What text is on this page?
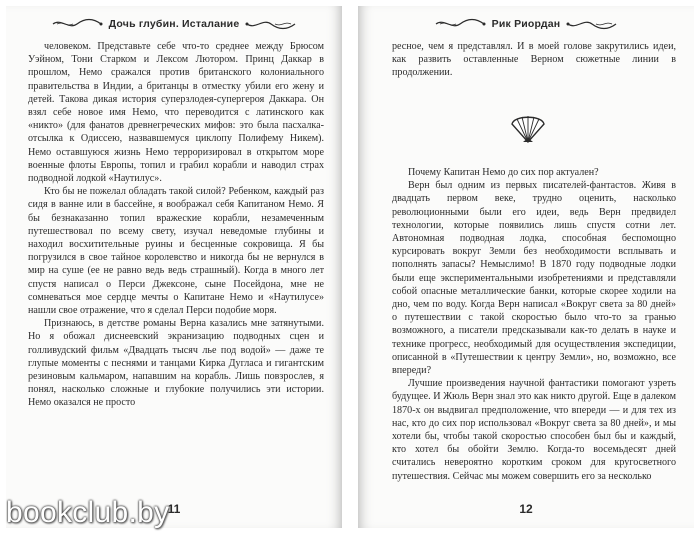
Дочь глубин. Исталание

человеком. Представьте себе что-то среднее между Брюсом Уэйном, Тони Старком и Лексом Лютором. Принц Даккар в прошлом, Немо сражался против британского колониального правительства в Индии, а британцы в отместку убили его жену и детей. Такова дикая история суперзлодея-супергероя Даккара. Он взял себе новое имя Немо, что переводится с латинского как «никто» (для фанатов древнегреческих мифов: это была пасхалка-отсылка к Одиссею, назвавшемуся циклопу Полифему Никем). Немо оставшуюся жизнь Немо терроризировал в открытом море военные флоты Европы, топил и грабил корабли и наводил страх подводной лодкой «Наутилус».

Кто бы не пожелал обладать такой силой? Ребенком, каждый раз сидя в ванне или в бассейне, я воображал себя Капитаном Немо. Я бы безнаказанно топил вражеские корабли, незамеченным путешествовал по всему свету, изучал неведомые глубины и находил восхитительные руины и бесценные сокровища. Я бы погрузился в свое тайное королевство и никогда бы не вернулся в мир на суше (ее не равно ведь ведь страшный). Когда в много лет спустя написал о Перси Джексоне, сыне Посейдона, мне не сомневаться мое сердце мечты о Капитане Немо и «Наутилусе» нашли свое отражение, что я сделал Перси подобие моря.

Признаюсь, в детстве романы Верна казались мне затянутыми. Но я обожал диснеевский экранизацию подводных сцен и голливудский фильм «Двадцать тысяч лье под водой» — даже те глупые моменты с песнями и танцами Кирка Дугласа и гигантским резиновым кальмаром, напавшим на корабль. Лишь повзрослев, я понял, насколько сложные и глубокие получились эти истории. Немо оказался не просто

11
Рик Риордан

ресное, чем я представлял. И в моей голове закрутились идеи, как развить оставленные Верном сюжетные линии в продолжении.

Почему Капитан Немо до сих пор актуален?

Верн был одним из первых писателей-фантастов. Живя в двадцать первом веке, трудно оценить, насколько революционными были его идеи, ведь Верн предвидел технологии, которые появились лишь спустя сотни лет. Автономная подводная лодка, способная беспомощно курсировать вокруг Земли без необходимости всплывать и пополнять запасы? Немыслимо! В 1870 году подводные лодки были еще экспериментальными изобретениями и представляли собой опасные металлические банки, которые скорее ходили на дно, чем по воду. Когда Верн написал «Вокруг света за 80 дней» о путешествии с такой скоростью было что-то за гранью возможного, а писатели предсказывали как-то делать в науке и технике прогресс, необходимый для осуществления экспедиции, описанной в «Путешествии к центру Земли», но, возможно, все впереди?

Лучшие произведения научной фантастики помогают узреть будущее. И Жюль Верн знал это как никто другой. Еще в далеком 1870-х он выдвигал предположение, что впереди — и для тех из нас, кто до сих пор использовал «Вокруг света за 80 дней», и мы хотели бы, чтобы такой скоростью способен был бы и каждый, кто хотел бы обойти Землю. Когда-то восемьдесят дней считались невероятно коротким сроком для кругосветного путешествия. Сейчас мы можем совершить его за несколько

12
bookclub.by
